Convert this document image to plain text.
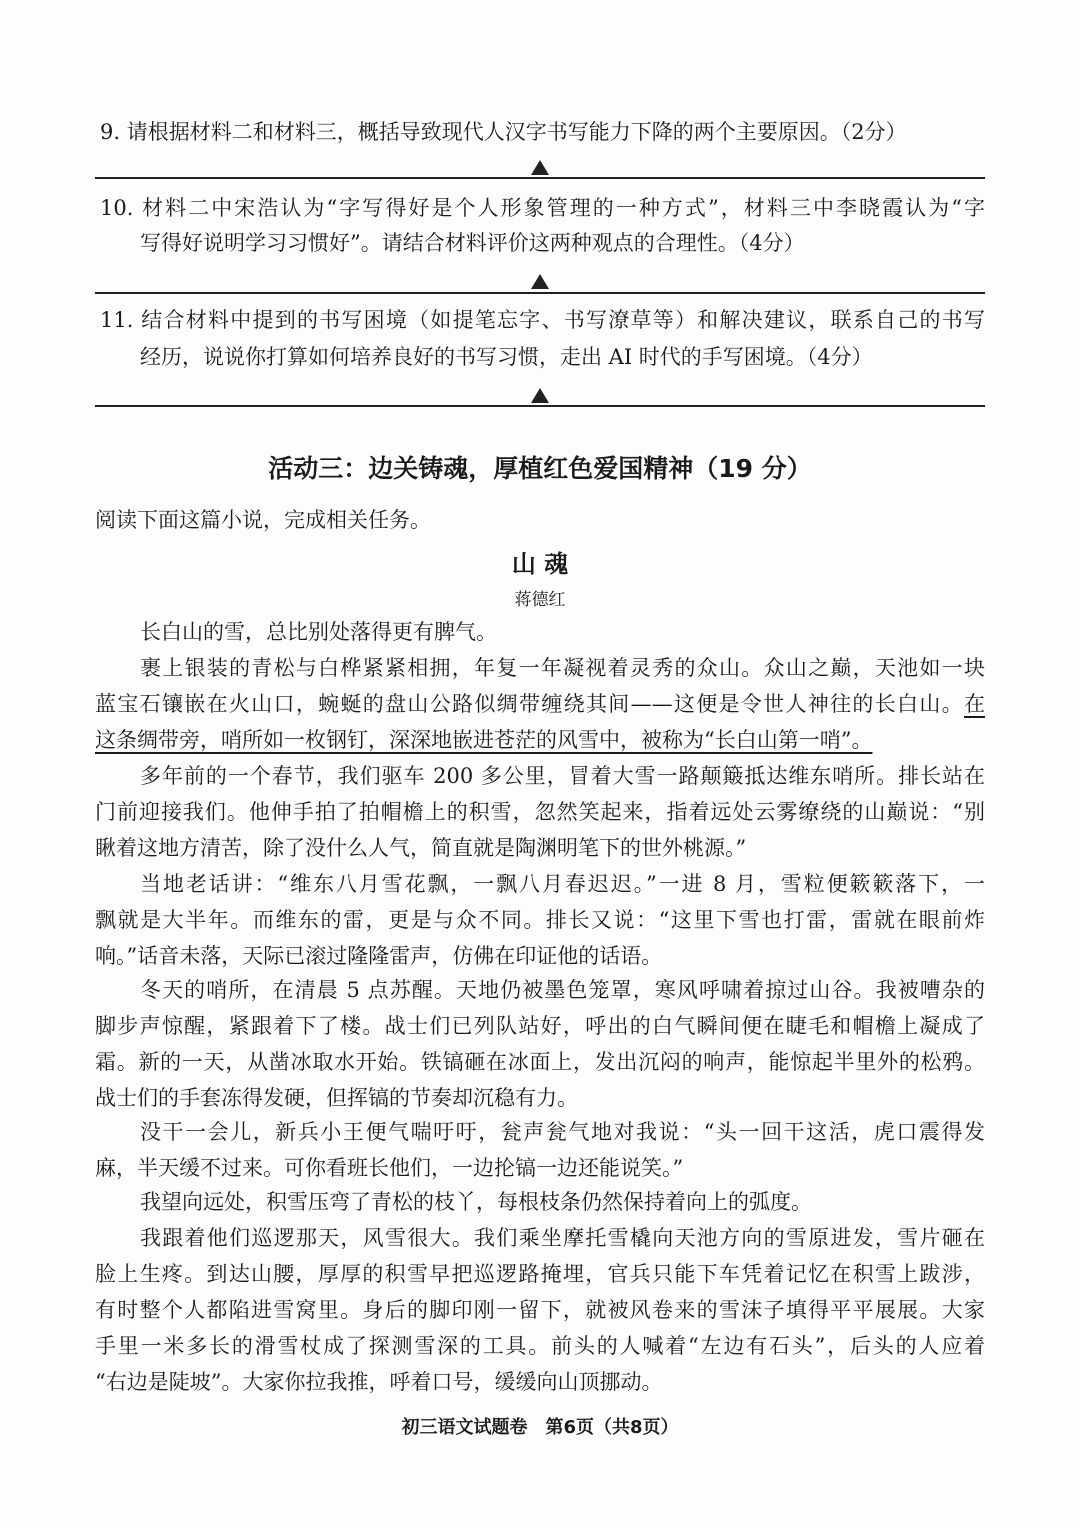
9. 请根据材料二和材料三，概括导致现代人汉字书写能力下降的两个主要原因。（2分）
10. 材料二中宋浩认为“字写得好是个人形象管理的一种方式”，材料三中李晓霞认为“字
写得好说明学习习惯好”。请结合材料评价这两种观点的合理性。（4分）
11. 结合材料中提到的书写困境（如提笔忘字、书写潦草等）和解决建议，联系自己的书写
经历，说说你打算如何培养良好的书写习惯，走出 AI 时代的手写困境。（4分）
活动三：边关铸魂，厚植红色爱国精神（19 分）
阅读下面这篇小说，完成相关任务。
山 魂
蒋德红
长白山的雪，总比别处落得更有脾气。
裹上银装的青松与白桦紧紧相拥，年复一年凝视着灵秀的众山。众山之巅，天池如一块
蓝宝石镶嵌在火山口，蜿蜒的盘山公路似绸带缠绕其间——这便是令世人神往的长白山。在
这条绸带旁，哨所如一枚钢钉，深深地嵌进苍茫的风雪中，被称为“长白山第一哨”。
多年前的一个春节，我们驱车 200 多公里，冒着大雪一路颠簸抵达维东哨所。排长站在
门前迎接我们。他伸手拍了拍帽檐上的积雪，忽然笑起来，指着远处云雾缭绕的山巅说：“别
瞅着这地方清苦，除了没什么人气，简直就是陶渊明笔下的世外桃源。”
当地老话讲：“维东八月雪花飘，一飘八月春迟迟。”一进 8 月，雪粒便簌簌落下，一
飘就是大半年。而维东的雷，更是与众不同。排长又说：“这里下雪也打雷，雷就在眼前炸
响。”话音未落，天际已滚过隆隆雷声，仿佛在印证他的话语。
冬天的哨所，在清晨 5 点苏醒。天地仍被墨色笼罩，寒风呼啸着掠过山谷。我被嘈杂的
脚步声惊醒，紧跟着下了楼。战士们已列队站好，呼出的白气瞬间便在睫毛和帽檐上凝成了
霜。新的一天，从凿冰取水开始。铁镐砸在冰面上，发出沉闷的响声，能惊起半里外的松鸦。
战士们的手套冻得发硬，但挥镐的节奏却沉稳有力。
没干一会儿，新兵小王便气喘吁吁，瓮声瓮气地对我说：“头一回干这活，虎口震得发
麻，半天缓不过来。可你看班长他们，一边抡镐一边还能说笑。”
我望向远处，积雪压弯了青松的枝丫，每根枝条仍然保持着向上的弧度。
我跟着他们巡逻那天，风雪很大。我们乘坐摩托雪橇向天池方向的雪原进发，雪片砸在
脸上生疼。到达山腰，厚厚的积雪早把巡逻路掩埋，官兵只能下车凭着记忆在积雪上跋涉，
有时整个人都陷进雪窝里。身后的脚印刚一留下，就被风卷来的雪沫子填得平平展展。大家
手里一米多长的滑雪杖成了探测雪深的工具。前头的人喊着“左边有石头”，后头的人应着
“右边是陡坡”。大家你拉我推，呼着口号，缓缓向山顶挪动。
初三语文试题卷　第6页（共8页）
